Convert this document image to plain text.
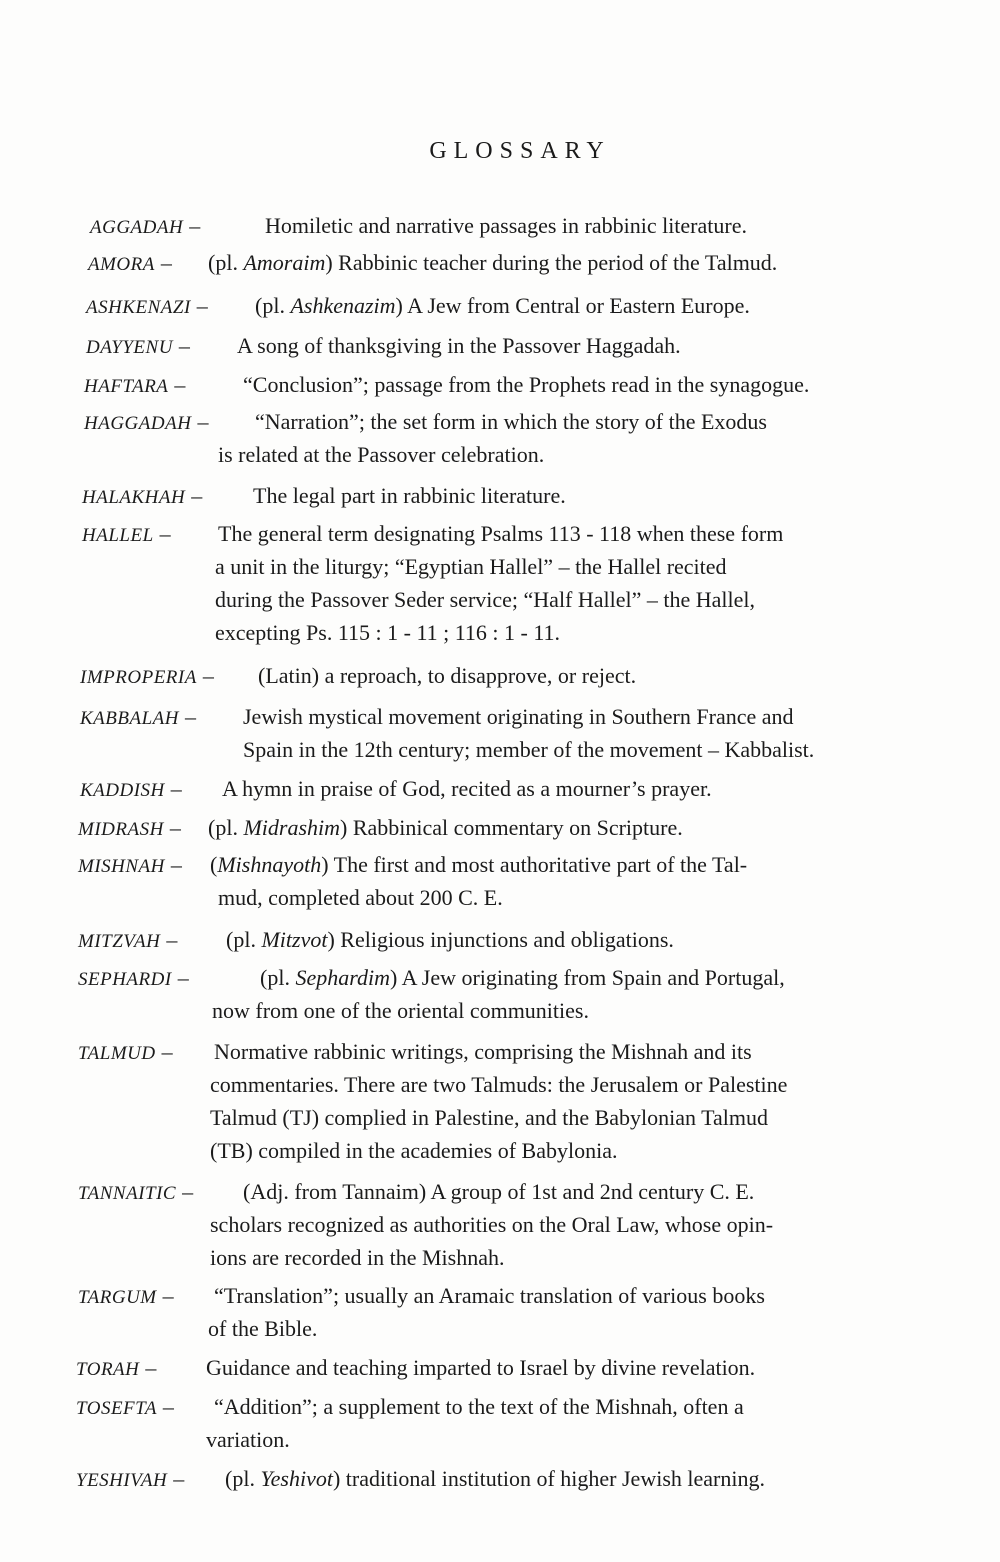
GLOSSARY
AGGADAH –	Homiletic and narrative passages in rabbinic literature.
AMORA – (pl. Amoraim) Rabbinic teacher during the period of the Talmud.
ASHKENAZI – (pl. Ashkenazim) A Jew from Central or Eastern Europe.
DAYYENU – A song of thanksgiving in the Passover Haggadah.
HAFTARA –	“Conclusion”; passage from the Prophets read in the synagogue.
HAGGADAH – “Narration”; the set form in which the story of the Exodus
is related at the Passover celebration.
HALAKHAH – The legal part in rabbinic literature.
HALLEL – The general term designating Psalms 113 - 118 when these form
a unit in the liturgy; “Egyptian Hallel” – the Hallel recited
during the Passover Seder service; “Half Hallel” – the Hallel,
excepting Ps. 115 : 1 - 11 ; 116 : 1 - 11.
IMPROPERIA – (Latin) a reproach, to disapprove, or reject.
KABBALAH – Jewish mystical movement originating in Southern France and
Spain in the 12th century; member of the movement – Kabbalist.
KADDISH – A hymn in praise of God, recited as a mourner’s prayer.
MIDRASH – (pl. Midrashim) Rabbinical commentary on Scripture.
MISHNAH – (Mishnayoth) The first and most authoritative part of the Tal-
mud, completed about 200 C. E.
MITZVAH – (pl. Mitzvot) Religious injunctions and obligations.
SEPHARDI –	(pl. Sephardim) A Jew originating from Spain and Portugal,
now from one of the oriental communities.
TALMUD – Normative rabbinic writings, comprising the Mishnah and its
commentaries. There are two Talmuds: the Jerusalem or Palestine
Talmud (TJ) complied in Palestine, and the Babylonian Talmud
(TB) compiled in the academies of Babylonia.
TANNAITIC – (Adj. from Tannaim) A group of 1st and 2nd century C. E.
scholars recognized as authorities on the Oral Law, whose opin-
ions are recorded in the Mishnah.
TARGUM – “Translation”; usually an Aramaic translation of various books
of the Bible.
TORAH – Guidance and teaching imparted to Israel by divine revelation.
TOSEFTA – “Addition”; a supplement to the text of the Mishnah, often a
variation.
YESHIVAH – (pl. Yeshivot) traditional institution of higher Jewish learning.
